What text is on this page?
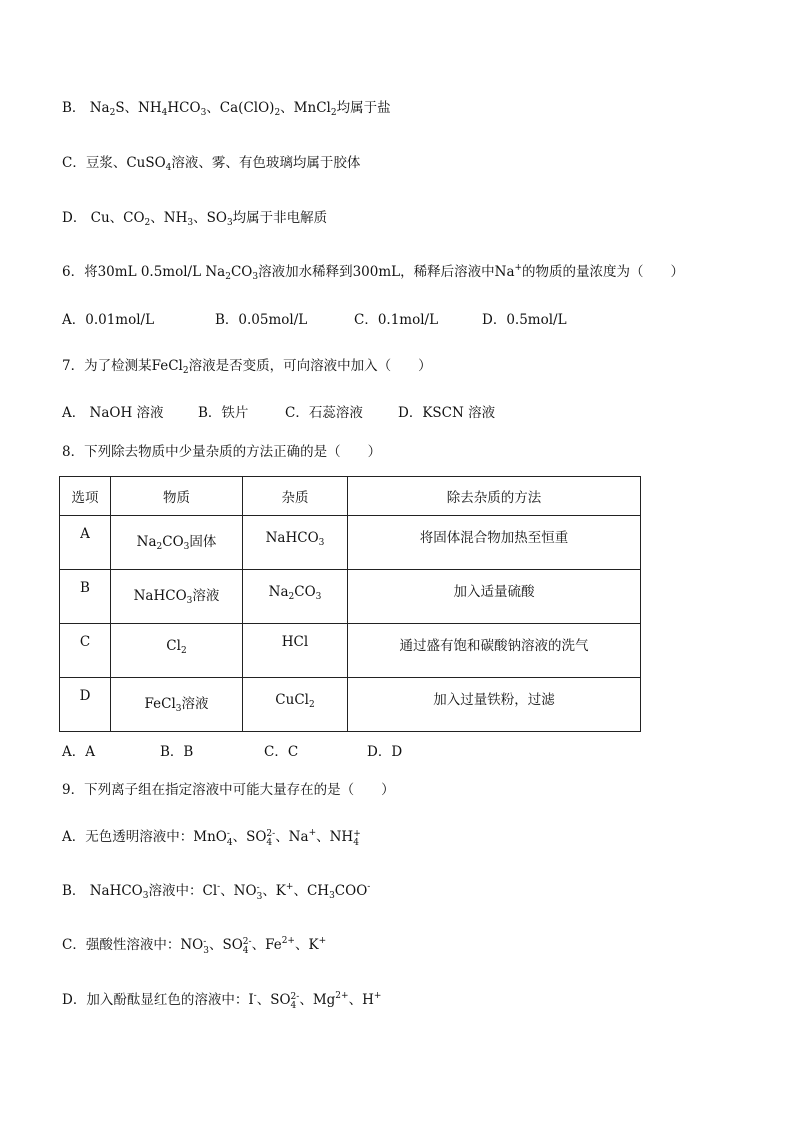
B． $Na_2S$、$NH_4HCO_3$、$Ca(ClO)_2$、MnCl$_2$均属于盐
C．豆浆、CuSO$_4$溶液、雾、有色玻璃均属于胶体
D． Cu、$CO_2$、$NH_3$、$SO_3$均属于非电解质
6．将30mL 0.5mol/L $Na_2CO_3$溶液加水稀释到300mL，稀释后溶液中Na+的物质的量浓度为（　　）
A．0.01mol/L	B．0.05mol/L	C．0.1mol/L	D．0.5mol/L
7．为了检测某FeCl$_2$溶液是否变质，可向溶液中加入（　　）
A． NaOH 溶液	B．铁片	C．石蕊溶液	D．KSCN 溶液
8．下列除去物质中少量杂质的方法正确的是（　　）
选项	物质	杂质	除去杂质的方法
A	$Na_2CO_3$固体	NaHCO$_3$	将固体混合物加热至恒重
B	NaHCO$_3$溶液	$Na_2CO_3$	加入适量硫酸
C	$Cl_2$	HCl	通过盛有饱和碳酸钠溶液的洗气
D	FeCl$_3$溶液	CuCl$_2$	加入过量铁粉，过滤
A．A	B．B	C．C	D．D
9．下列离子组在指定溶液中可能大量存在的是（　　）
A．无色透明溶液中：MnO -
4 、SO 2-
4 、Na+、NH +
4
B． NaHCO$_3$溶液中：Cl-、NO -
3 、K+、$CH_3COO^-$
C．强酸性溶液中：NO -
3 、SO 2-
4 、$Fe^{2+}$、K+
D．加入酚酞显红色的溶液中：I-、SO 2-
4 、$Mg^{2+}$、H+
